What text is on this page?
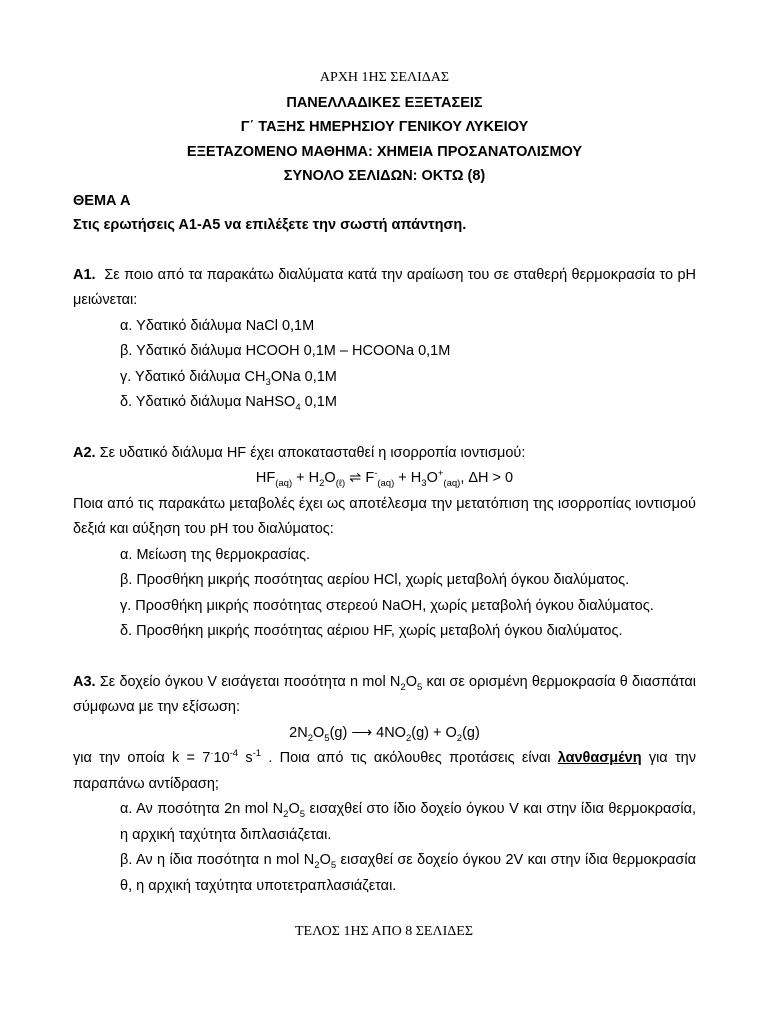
ΑΡΧΗ 1ΗΣ ΣΕΛΙΔΑΣ
ΠΑΝΕΛΛΑΔΙΚΕΣ ΕΞΕΤΑΣΕΙΣ
Γ΄ ΤΑΞΗΣ ΗΜΕΡΗΣΙΟΥ ΓΕΝΙΚΟΥ ΛΥΚΕΙΟΥ
ΕΞΕΤΑΖΟΜΕΝΟ ΜΑΘΗΜΑ: ΧΗΜΕΙΑ ΠΡΟΣΑΝΑΤΟΛΙΣΜΟΥ
ΣΥΝΟΛΟ ΣΕΛΙΔΩΝ: ΟΚΤΩ (8)
ΘΕΜΑ Α
Στις ερωτήσεις Α1-Α5 να επιλέξετε την σωστή απάντηση.
Α1. Σε ποιο από τα παρακάτω διαλύματα κατά την αραίωση του σε σταθερή θερμοκρασία το pH μειώνεται:
α. Υδατικό διάλυμα NaCl 0,1M
β. Υδατικό διάλυμα HCOOH 0,1M – HCOONa 0,1M
γ. Υδατικό διάλυμα $CH_3ONa$ 0,1M
δ. Υδατικό διάλυμα NaHSO$_4$ 0,1M
Α2. Σε υδατικό διάλυμα HF έχει αποκατασταθεί η ισορροπία ιοντισμού:
$HF_{(aq)} + H_2O_{(\ell)}$ ⇌ $F^-_{(aq)} + H_3O^+_{(aq)}$, ΔH > 0
Ποια από τις παρακάτω μεταβολές έχει ως αποτέλεσμα την μετατόπιση της ισορροπίας ιοντισμού δεξιά και αύξηση του pH του διαλύματος:
α. Μείωση της θερμοκρασίας.
β. Προσθήκη μικρής ποσότητας αερίου HCl, χωρίς μεταβολή όγκου διαλύματος.
γ. Προσθήκη μικρής ποσότητας στερεού NaOH, χωρίς μεταβολή όγκου διαλύματος.
δ. Προσθήκη μικρής ποσότητας αέριου HF, χωρίς μεταβολή όγκου διαλύματος.
Α3. Σε δοχείο όγκου V εισάγεται ποσότητα n mol $N_2O_5$ και σε ορισμένη θερμοκρασία θ διασπάται σύμφωνα με την εξίσωση:
$2N_2O_5(g)$ ⟶ $4NO_2(g) + O_2(g)$
για την οποία $k = 7^\cdot 10^{-4}$ $s^{-1}$ . Ποια από τις ακόλουθες προτάσεις είναι λανθασμένη για την παραπάνω αντίδραση;
α. Αν ποσότητα 2n mol $N_2O_5$ εισαχθεί στο ίδιο δοχείο όγκου V και στην ίδια θερμοκρασία, η αρχική ταχύτητα διπλασιάζεται.
β. Αν η ίδια ποσότητα n mol $N_2O_5$ εισαχθεί σε δοχείο όγκου 2V και στην ίδια θερμοκρασία θ, η αρχική ταχύτητα υποτετραπλασιάζεται.
ΤΕΛΟΣ 1ΗΣ ΑΠΟ 8 ΣΕΛΙΔΕΣ
